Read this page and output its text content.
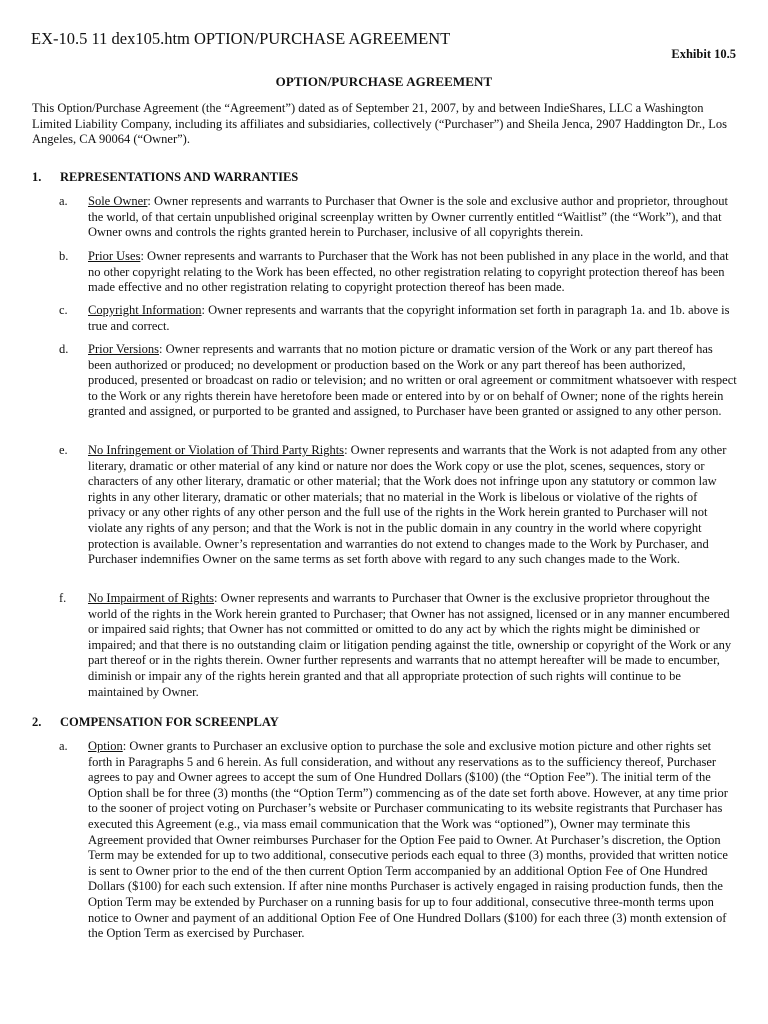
EX-10.5 11 dex105.htm OPTION/PURCHASE AGREEMENT
Exhibit 10.5
OPTION/PURCHASE AGREEMENT

This Option/Purchase Agreement (the “Agreement”) dated as of September 21, 2007, by and between IndieShares, LLC a Washington Limited Liability Company, including its affiliates and subsidiaries, collectively (“Purchaser”) and Sheila Jenca, 2907 Haddington Dr., Los Angeles, CA 90064 (“Owner”).

1. REPRESENTATIONS AND WARRANTIES

a. Sole Owner: Owner represents and warrants to Purchaser that Owner is the sole and exclusive author and proprietor, throughout the world, of that certain unpublished original screenplay written by Owner currently entitled “Waitlist” (the “Work”), and that Owner owns and controls the rights granted herein to Purchaser, inclusive of all copyrights therein.

b. Prior Uses: Owner represents and warrants to Purchaser that the Work has not been published in any place in the world, and that no other copyright relating to the Work has been effected, no other registration relating to copyright protection thereof has been made effective and no other registration relating to copyright protection thereof has been made.

c. Copyright Information: Owner represents and warrants that the copyright information set forth in paragraph 1a. and 1b. above is true and correct.

d. Prior Versions: Owner represents and warrants that no motion picture or dramatic version of the Work or any part thereof has been authorized or produced; no development or production based on the Work or any part thereof has been authorized, produced, presented or broadcast on radio or television; and no written or oral agreement or commitment whatsoever with respect to the Work or any rights therein have heretofore been made or entered into by or on behalf of Owner; none of the rights herein granted and assigned, or purported to be granted and assigned, to Purchaser have been granted or assigned to any other person.

e. No Infringement or Violation of Third Party Rights: Owner represents and warrants that the Work is not adapted from any other literary, dramatic or other material of any kind or nature nor does the Work copy or use the plot, scenes, sequences, story or characters of any other literary, dramatic or other material; that the Work does not infringe upon any statutory or common law rights in any other literary, dramatic or other materials; that no material in the Work is libelous or violative of the rights of privacy or any other rights of any other person and the full use of the rights in the Work herein granted to Purchaser will not violate any rights of any person; and that the Work is not in the public domain in any country in the world where copyright protection is available. Owner’s representation and warranties do not extend to changes made to the Work by Purchaser, and Purchaser indemnifies Owner on the same terms as set forth above with regard to any such changes made to the Work.

f. No Impairment of Rights: Owner represents and warrants to Purchaser that Owner is the exclusive proprietor throughout the world of the rights in the Work herein granted to Purchaser; that Owner has not assigned, licensed or in any manner encumbered or impaired said rights; that Owner has not committed or omitted to do any act by which the rights might be diminished or impaired; and that there is no outstanding claim or litigation pending against the title, ownership or copyright of the Work or any part thereof or in the rights therein. Owner further represents and warrants that no attempt hereafter will be made to encumber, diminish or impair any of the rights herein granted and that all appropriate protection of such rights will continue to be maintained by Owner.

2. COMPENSATION FOR SCREENPLAY

a. Option: Owner grants to Purchaser an exclusive option to purchase the sole and exclusive motion picture and other rights set forth in Paragraphs 5 and 6 herein. As full consideration, and without any reservations as to the sufficiency thereof, Purchaser agrees to pay and Owner agrees to accept the sum of One Hundred Dollars ($100) (the “Option Fee”). The initial term of the Option shall be for three (3) months (the “Option Term”) commencing as of the date set forth above. However, at any time prior to the sooner of project voting on Purchaser’s website or Purchaser communicating to its website registrants that Purchaser has executed this Agreement (e.g., via mass email communication that the Work was “optioned”), Owner may terminate this Agreement provided that Owner reimburses Purchaser for the Option Fee paid to Owner. At Purchaser’s discretion, the Option Term may be extended for up to two additional, consecutive periods each equal to three (3) months, provided that written notice is sent to Owner prior to the end of the then current Option Term accompanied by an additional Option Fee of One Hundred Dollars ($100) for each such extension. If after nine months Purchaser is actively engaged in raising production funds, then the Option Term may be extended by Purchaser on a running basis for up to four additional, consecutive three-month terms upon notice to Owner and payment of an additional Option Fee of One Hundred Dollars ($100) for each three (3) month extension of the Option Term as exercised by Purchaser.
